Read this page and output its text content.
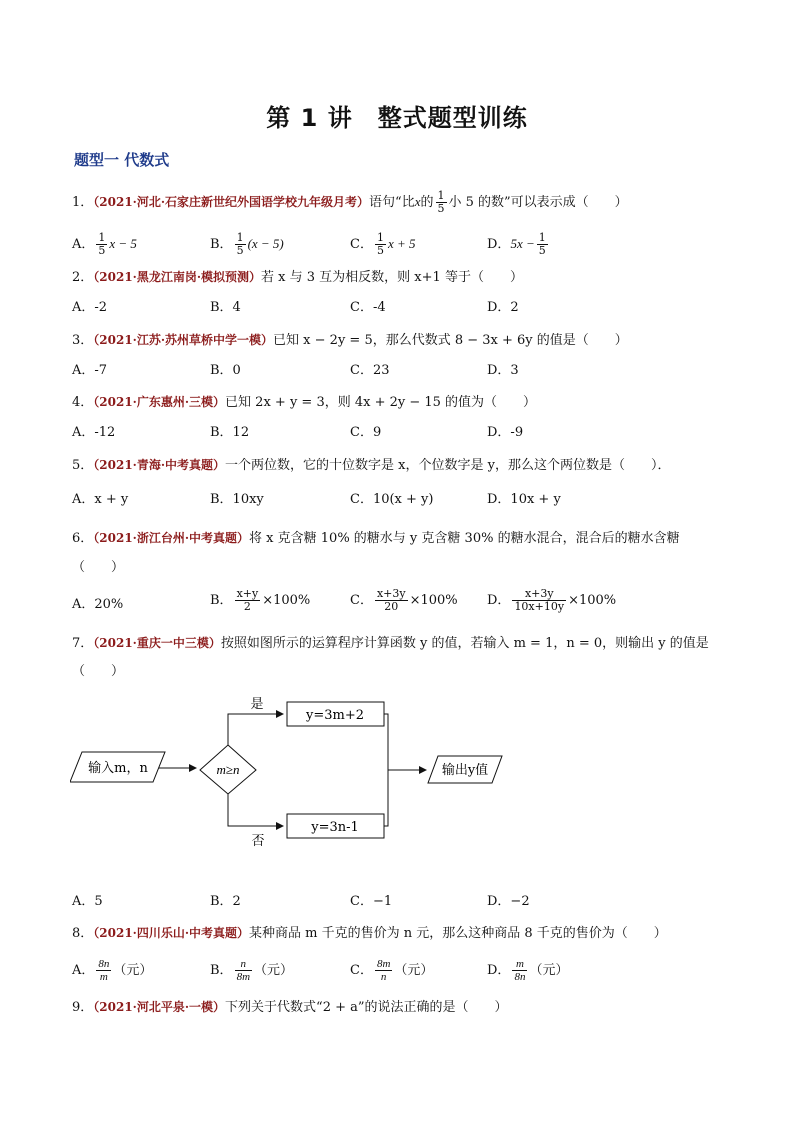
第 1 讲　整式题型训练
题型一 代数式
1．（2021·河北·石家庄新世纪外国语学校九年级月考）语句“比x的 $\frac{1}{5}$ 小 5 的数”可以表示成（　　）
A． $\frac{1}{5}$ x − 5	B． $\frac{1}{5} (x - 5)$	C． $\frac{1}{5}$ x + 5	D．$5x - \frac{1}{5}$
2．（2021·黑龙江南岗·模拟预测）若 x 与 3 互为相反数，则 x+1 等于（　　）
A．-2	B．4	C．-4	D．2
3．（2021·江苏·苏州草桥中学一模）已知 x − 2y = 5，那么代数式 8 − 3x + 6y 的值是（　　）
A．-7	B．0	C．23	D．3
4．（2021·广东惠州·三模）已知 2x + y = 3，则 4x + 2y − 15 的值为（　　）
A．-12	B．12	C．9	D．-9
5．（2021·青海·中考真题）一个两位数，它的十位数字是 x，个位数字是 y，那么这个两位数是（　　）．
A．x + y	B．10xy	C．10(x + y)	D．10x + y
6．（2021·浙江台州·中考真题）将 x 克含糖 10% 的糖水与 y 克含糖 30% 的糖水混合，混合后的糖水含糖
（　　）
A．20%	B． $\frac{x+y}{2} \times 100\%$	C． $\frac{x+3y}{20} \times 100\%$ D． $\frac{x+3y}{10x+10y} \times 100\%$
7．（2021·重庆一中三模）按照如图所示的运算程序计算函数 y 的值，若输入 m = 1，n = 0，则输出 y 的值是
（　　）
输入m，n	m≥n
是
否
y=3m+2
y=3n-1
输出y值
A．5	B．2	C．−1	D．−2
8．（2021·四川乐山·中考真题）某种商品 m 千克的售价为 n 元，那么这种商品 8 千克的售价为（　　）
A． $\frac{8n}{m}$ （元）	B． $\frac{n}{8m}$ （元）	C． $\frac{8m}{n}$ （元）	D． $\frac{m}{8n}$ （元）
9．（2021·河北平泉·一模）下列关于代数式“2 + a”的说法正确的是（　　）
